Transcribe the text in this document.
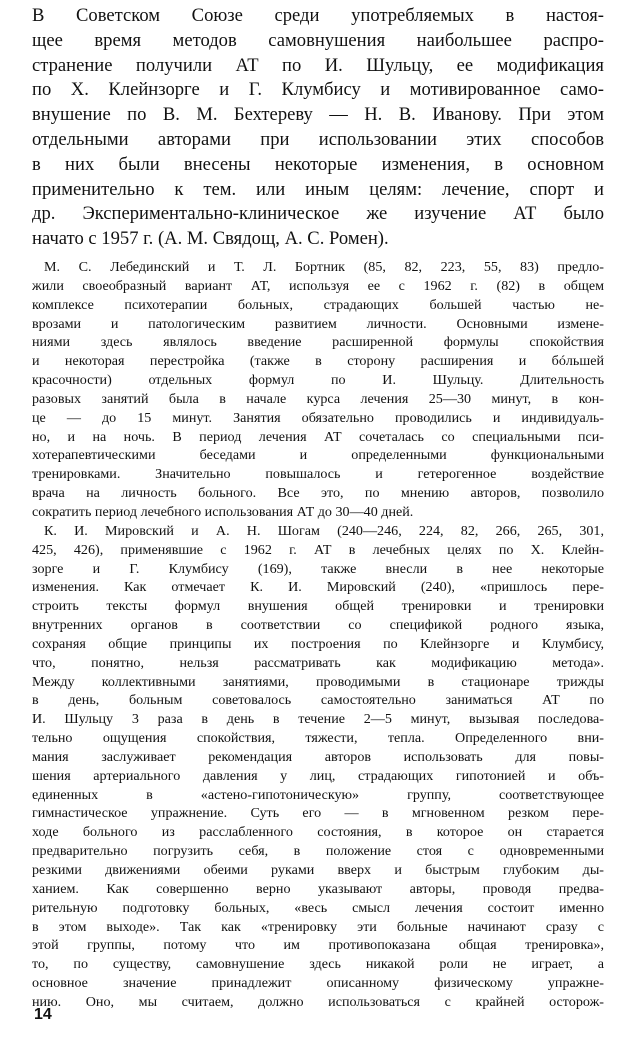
В Советском Союзе среди употребляемых в настоя-
щее время методов самовнушения наибольшее распро-
странение получили АТ по И. Шульцу, ее модификация
по Х. Клейнзорге и Г. Клумбису и мотивированное само-
внушение по В. М. Бехтереву — Н. В. Иванову. При этом
отдельными авторами при использовании этих способов
в них были внесены некоторые изменения, в основном
применительно к тем. или иным целям: лечение, спорт и
др. Экспериментально-клиническое же изучение АТ было
начато с 1957 г. (А. М. Свядощ, А. С. Ромен).
М. С. Лебединский и Т. Л. Бортник (85, 82, 223, 55, 83) предло-
жили своеобразный вариант АТ, используя ее с 1962 г. (82) в общем
комплексе психотерапии больных, страдающих большей частью не-
врозами и патологическим развитием личности. Основными изменe-
ниями здесь являлось введение расширенной формулы спокойствия
и некоторая перестройка (также в сторону расширения и бóльшей
красочности) отдельных формул по И. Шульцу. Длительность
разовых занятий была в начале курса лечения 25—30 минут, в кон-
це — до 15 минут. Занятия обязательно проводились и индивидуаль-
но, и на ночь. В период лечения АТ сочеталась со специальными пси-
хотерапевтическими беседами и определенными функциональными
тренировками. Значительно повышалось и гетерогенное воздействие
врача на личность больного. Все это, по мнению авторов, позволило
сократить период лечебного использования АТ до 30—40 дней.
К. И. Мировский и А. Н. Шогам (240—246, 224, 82, 266, 265, 301,
425, 426), применявшие с 1962 г. АТ в лечебных целях по Х. Клейн-
зорге и Г. Клумбису (169), также внесли в нее некоторые
изменения. Как отмечает К. И. Мировский (240), «пришлось пере-
строить тексты формул внушения общей тренировки и тренировки
внутренних органов в соответствии со спецификой родного языка,
сохраняя общие принципы их построения по Клейнзорге и Клумбису,
что, понятно, нельзя рассматривать как модификацию метода».
Между коллективными занятиями, проводимыми в стационаре трижды
в день, больным советовалось самостоятельно заниматься АТ по
И. Шульцу 3 раза в день в течение 2—5 минут, вызывая последова-
тельно ощущения спокойствия, тяжести, тепла. Определенного вни-
мания заслуживает рекомендация авторов использовать для повы-
шения артериального давления у лиц, страдающих гипотонией и объ-
единенных в «астено-гипотоническую» группу, соответствующее
гимнастическое упражнение. Суть его — в мгновенном резком пере-
ходе больного из расслабленного состояния, в которое он старается
предварительно погрузить себя, в положение стоя с одновременными
резкими движениями обеими руками вверх и быстрым глубоким ды-
ханием. Как совершенно верно указывают авторы, проводя предва-
рительную подготовку больных, «весь смысл лечения состоит именно
в этом выходе». Так как «тренировку эти больные начинают сразу с
этой группы, потому что им противопоказана общая тренировка»,
то, по существу, самовнушение здесь никакой роли не играет, а
основное значение принадлежит описанному физическому упражне-
нию. Оно, мы считаем, должно использоваться с крайней осторож-
14
